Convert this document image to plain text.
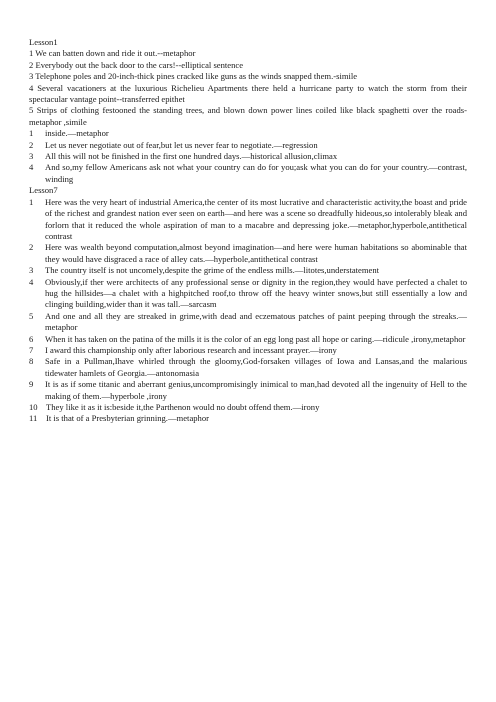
Lesson1
1 We can batten down and ride it out.--metaphor
2 Everybody out the back door to the cars!--elliptical sentence
3 Telephone poles and 20-inch-thick pines cracked like guns as the winds snapped them.-simile
4 Several vacationers at the luxurious Richelieu Apartments there held a hurricane party to watch the storm from their spectacular vantage point--transferred epithet
5 Strips of clothing festooned the standing trees, and blown down power lines coiled like black spaghetti over the roads-metaphor ,simile
1	inside.—metaphor
2	Let us never negotiate out of fear,but let us never fear to negotiate.—regression
3	All this will not be finished in the first one hundred days.—historical allusion,climax
4	And so,my fellow Americans ask not what your country can do for you;ask what you can do for your country.—contrast, winding
Lesson7
1	Here was the very heart of industrial America,the center of its most lucrative and characteristic activity,the boast and pride of the richest and grandest nation ever seen on earth—and here was a scene so dreadfully hideous,so intolerably bleak and forlorn that it reduced the whole aspiration of man to a macabre and depressing joke.—metaphor,hyperbole,antithetical contrast
2	Here was wealth beyond computation,almost beyond imagination—and here were human habitations so abominable that they would have disgraced a race of alley cats.—hyperbole,antithetical contrast
3	The country itself is not uncomely,despite the grime of the endless mills.—litotes,understatement
4	Obviously,if ther were architects of any professional sense or dignity in the region,they would have perfected a chalet to hug the hillsides—a chalet with a highpitched roof,to throw off the heavy winter snows,but still essentially a low and clinging building,wider than it was tall.—sarcasm
5	And one and all they are streaked in grime,with dead and eczematous patches of paint peeping through the streaks.—metaphor
6	When it has taken on the patina of the mills it is the color of an egg long past all hope or caring.—ridicule ,irony,metaphor
7	I award this championship only after laborious research and incessant prayer.—irony
8	Safe in a Pullman,Ihave whirled through the gloomy,God-forsaken villages of Iowa and Lansas,and the malarious tidewater hamlets of Georgia.—antonomasia
9	It is as if some titanic and aberrant genius,uncompromisingly inimical to man,had devoted all the ingenuity of Hell to the making of them.—hyperbole ,irony
10 They like it as it is:beside it,the Parthenon would no doubt offend them.—irony
11	It is that of a Presbyterian grinning.—metaphor
